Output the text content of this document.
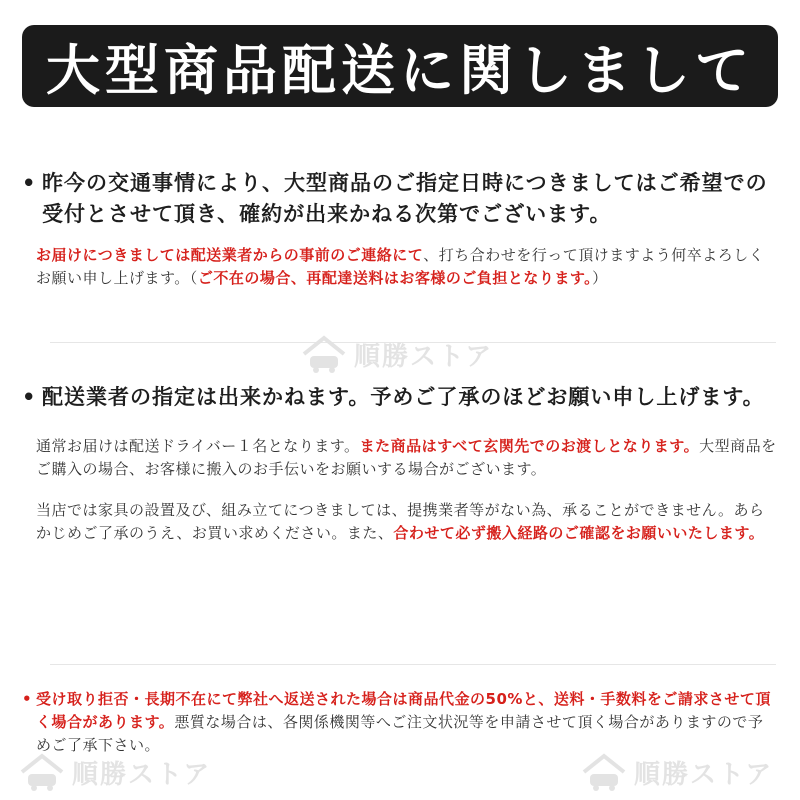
大型商品配送に関しまして
• 昨今の交通事情により、大型商品のご指定日時につきましてはご希望での受付とさせて頂き、確約が出来かねる次第でございます。
お届けにつきましては配送業者からの事前のご連絡にて、打ち合わせを行って頂けますよう何卒よろしくお願い申し上げます。（ご不在の場合、再配達送料はお客様のご負担となります。）
順勝ストア
• 配送業者の指定は出来かねます。予めご了承のほどお願い申し上げます。
通常お届けは配送ドライバー１名となります。また商品はすべて玄関先でのお渡しとなります。大型商品をご購入の場合、お客様に搬入のお手伝いをお願いする場合がございます。
当店では家具の設置及び、組み立てにつきましては、提携業者等がない為、承ることができません。あらかじめご了承のうえ、お買い求めください。また、合わせて必ず搬入経路のご確認をお願いいたします。
• 受け取り拒否・長期不在にて弊社へ返送された場合は商品代金の50%と、送料・手数料をご請求させて頂く場合があります。悪質な場合は、各関係機関等へご注文状況等を申請させて頂く場合がありますので予めご了承下さい。
順勝ストア	順勝ストア
